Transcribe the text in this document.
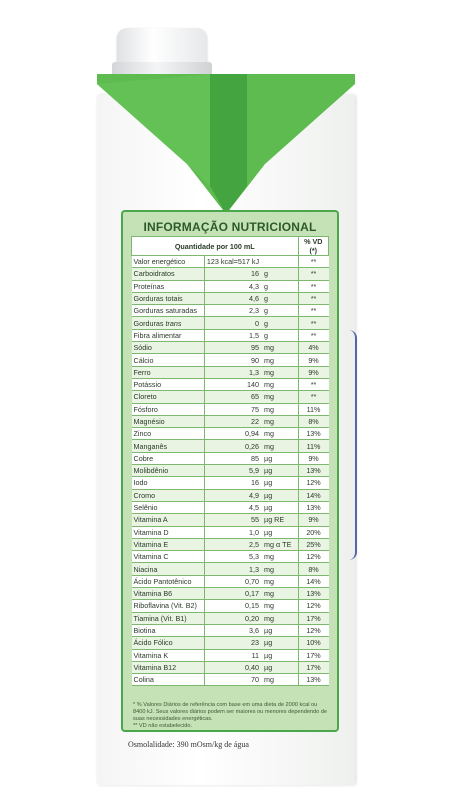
INFORMAÇÃO NUTRICIONAL
Quantidade por 100 mL			% VD (*)
Valor energético	123 kcal=517 kJ		**
Carboidratos	16	g	**
Proteínas	4,3	g	**
Gorduras totais	4,6	g	**
Gorduras saturadas	2,3	g	**
Gorduras trans	0	g	**
Fibra alimentar	1,5	g	**
Sódio	95	mg	4%
Cálcio	90	mg	9%
Ferro	1,3	mg	9%
Potássio	140	mg	**
Cloreto	65	mg	**
Fósforo	75	mg	11%
Magnésio	22	mg	8%
Zinco	0,94	mg	13%
Manganês	0,26	mg	11%
Cobre	85	µg	9%
Molibdênio	5,9	µg	13%
Iodo	16	µg	12%
Cromo	4,9	µg	14%
Selênio	4,5	µg	13%
Vitamina A	55	µg RE	9%
Vitamina D	1,0	µg	20%
Vitamina E	2,5	mg α TE	25%
Vitamina C	5,3	mg	12%
Niacina	1,3	mg	8%
Ácido Pantotênico	0,70	mg	14%
Vitamina B6	0,17	mg	13%
Riboflavina (Vit. B2)	0,15	mg	12%
Tiamina (Vit. B1)	0,20	mg	17%
Biotina	3,6	µg	12%
Ácido Fólico	23	µg	10%
Vitamina K	11	µg	17%
Vitamina B12	0,40	µg	17%
Colina	70	mg	13%
* % Valores Diários de referência com base em uma dieta de 2000 kcal ou 8400 kJ. Seus valores diários podem ser maiores ou menores dependendo de suas necessidades energéticas.
** VD não estabelecido.
Osmolalidade: 390 mOsm/kg de água
